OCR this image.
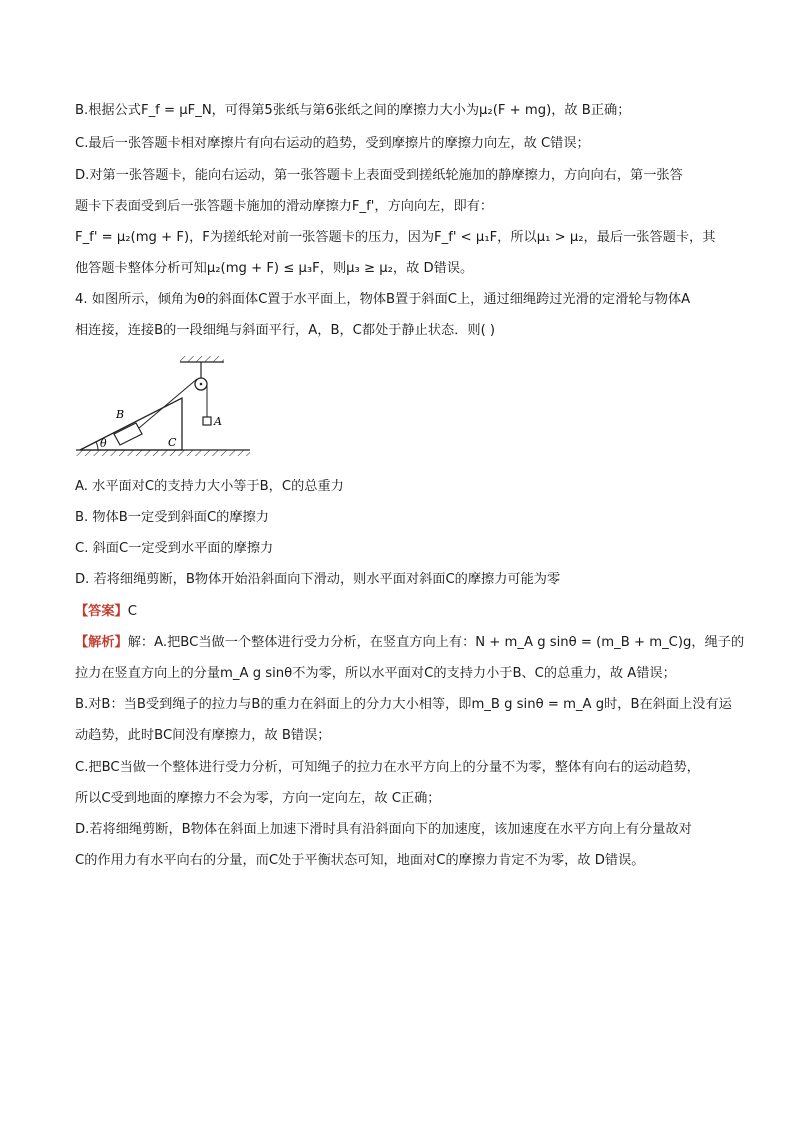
B.根据公式F_f = μF_N，可得第5张纸与第6张纸之间的摩擦力大小为μ₂(F + mg)，故 B正确；
C.最后一张答题卡相对摩擦片有向右运动的趋势，受到摩擦片的摩擦力向左，故 C错误；
D.对第一张答题卡，能向右运动，第一张答题卡上表面受到搓纸轮施加的静摩擦力，方向向右，第一张答
题卡下表面受到后一张答题卡施加的滑动摩擦力F_f'，方向向左，即有：
F_f' = μ₂(mg + F)，F为搓纸轮对前一张答题卡的压力，因为F_f' < μ₁F，所以μ₁ > μ₂，最后一张答题卡，其
他答题卡整体分析可知μ₂(mg + F) ≤ μ₃F，则μ₃ ≥ μ₂，故 D错误。
4. 如图所示，倾角为θ的斜面体C置于水平面上，物体B置于斜面C上，通过细绳跨过光滑的定滑轮与物体A
相连接，连接B的一段细绳与斜面平行，A，B，C都处于静止状态．则( )
θ
B
A
C
A. 水平面对C的支持力大小等于B，C的总重力
B. 物体B一定受到斜面C的摩擦力
C. 斜面C一定受到水平面的摩擦力
D. 若将细绳剪断，B物体开始沿斜面向下滑动，则水平面对斜面C的摩擦力可能为零
【答案】C
【解析】解：A.把BC当做一个整体进行受力分析，在竖直方向上有：N + m_A g sinθ = (m_B + m_C)g，绳子的
拉力在竖直方向上的分量m_A g sinθ不为零，所以水平面对C的支持力小于B、C的总重力，故 A错误；
B.对B：当B受到绳子的拉力与B的重力在斜面上的分力大小相等，即m_B g sinθ = m_A g时，B在斜面上没有运
动趋势，此时BC间没有摩擦力，故 B错误；
C.把BC当做一个整体进行受力分析，可知绳子的拉力在水平方向上的分量不为零，整体有向右的运动趋势，
所以C受到地面的摩擦力不会为零，方向一定向左，故 C正确；
D.若将细绳剪断，B物体在斜面上加速下滑时具有沿斜面向下的加速度，该加速度在水平方向上有分量故对
C的作用力有水平向右的分量，而C处于平衡状态可知，地面对C的摩擦力肯定不为零，故 D错误。
